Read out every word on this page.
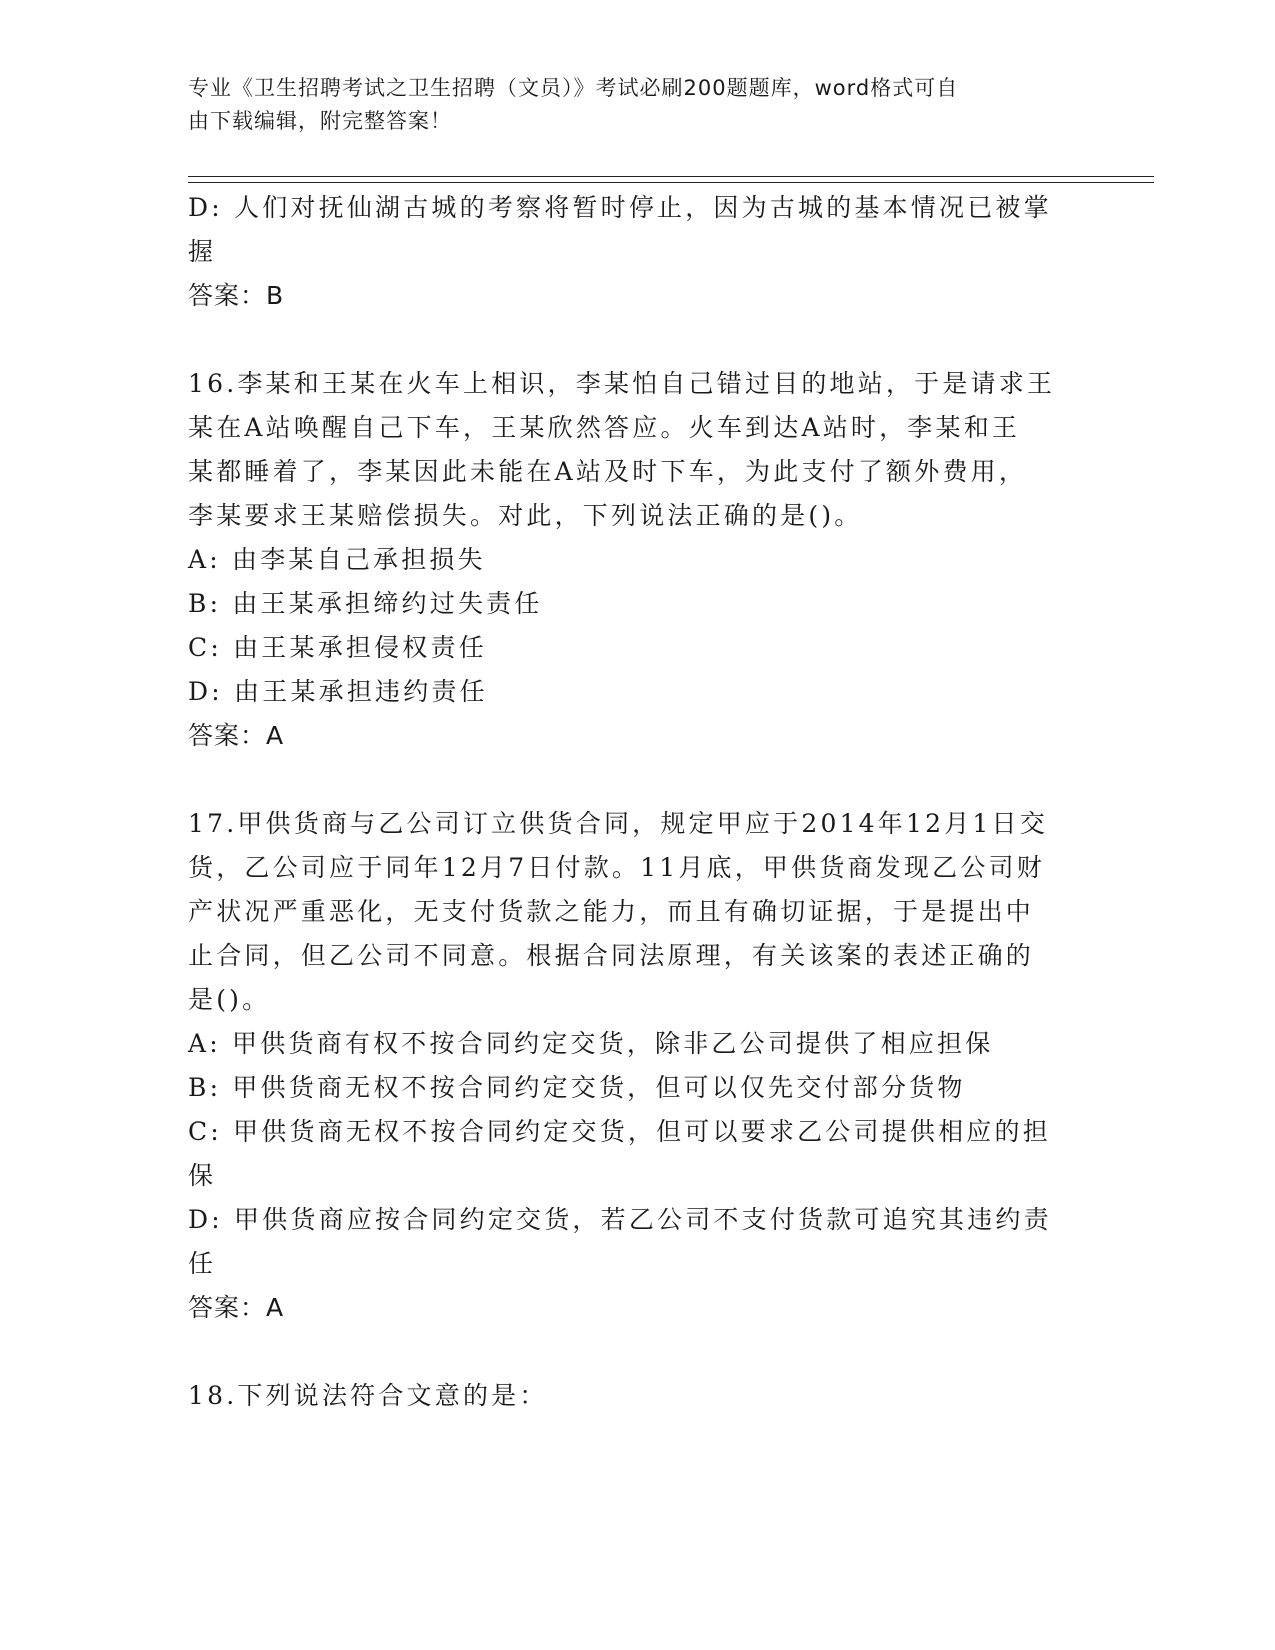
专业《卫生招聘考试之卫生招聘（文员）》考试必刷200题题库，word格式可自
由下载编辑，附完整答案！
D: 人们对抚仙湖古城的考察将暂时停止，因为古城的基本情况已被掌
握
答案：B
16.李某和王某在火车上相识，李某怕自己错过目的地站，于是请求王
某在A站唤醒自己下车，王某欣然答应。火车到达A站时，李某和王
某都睡着了，李某因此未能在A站及时下车，为此支付了额外费用，
李某要求王某赔偿损失。对此，下列说法正确的是()。
A: 由李某自己承担损失
B: 由王某承担缔约过失责任
C: 由王某承担侵权责任
D: 由王某承担违约责任
答案：A
17.甲供货商与乙公司订立供货合同，规定甲应于2014年12月1日交
货，乙公司应于同年12月7日付款。11月底，甲供货商发现乙公司财
产状况严重恶化，无支付货款之能力，而且有确切证据，于是提出中
止合同，但乙公司不同意。根据合同法原理，有关该案的表述正确的
是()。
A: 甲供货商有权不按合同约定交货，除非乙公司提供了相应担保
B: 甲供货商无权不按合同约定交货，但可以仅先交付部分货物
C: 甲供货商无权不按合同约定交货，但可以要求乙公司提供相应的担
保
D: 甲供货商应按合同约定交货，若乙公司不支付货款可追究其违约责
任
答案：A
18.下列说法符合文意的是：
